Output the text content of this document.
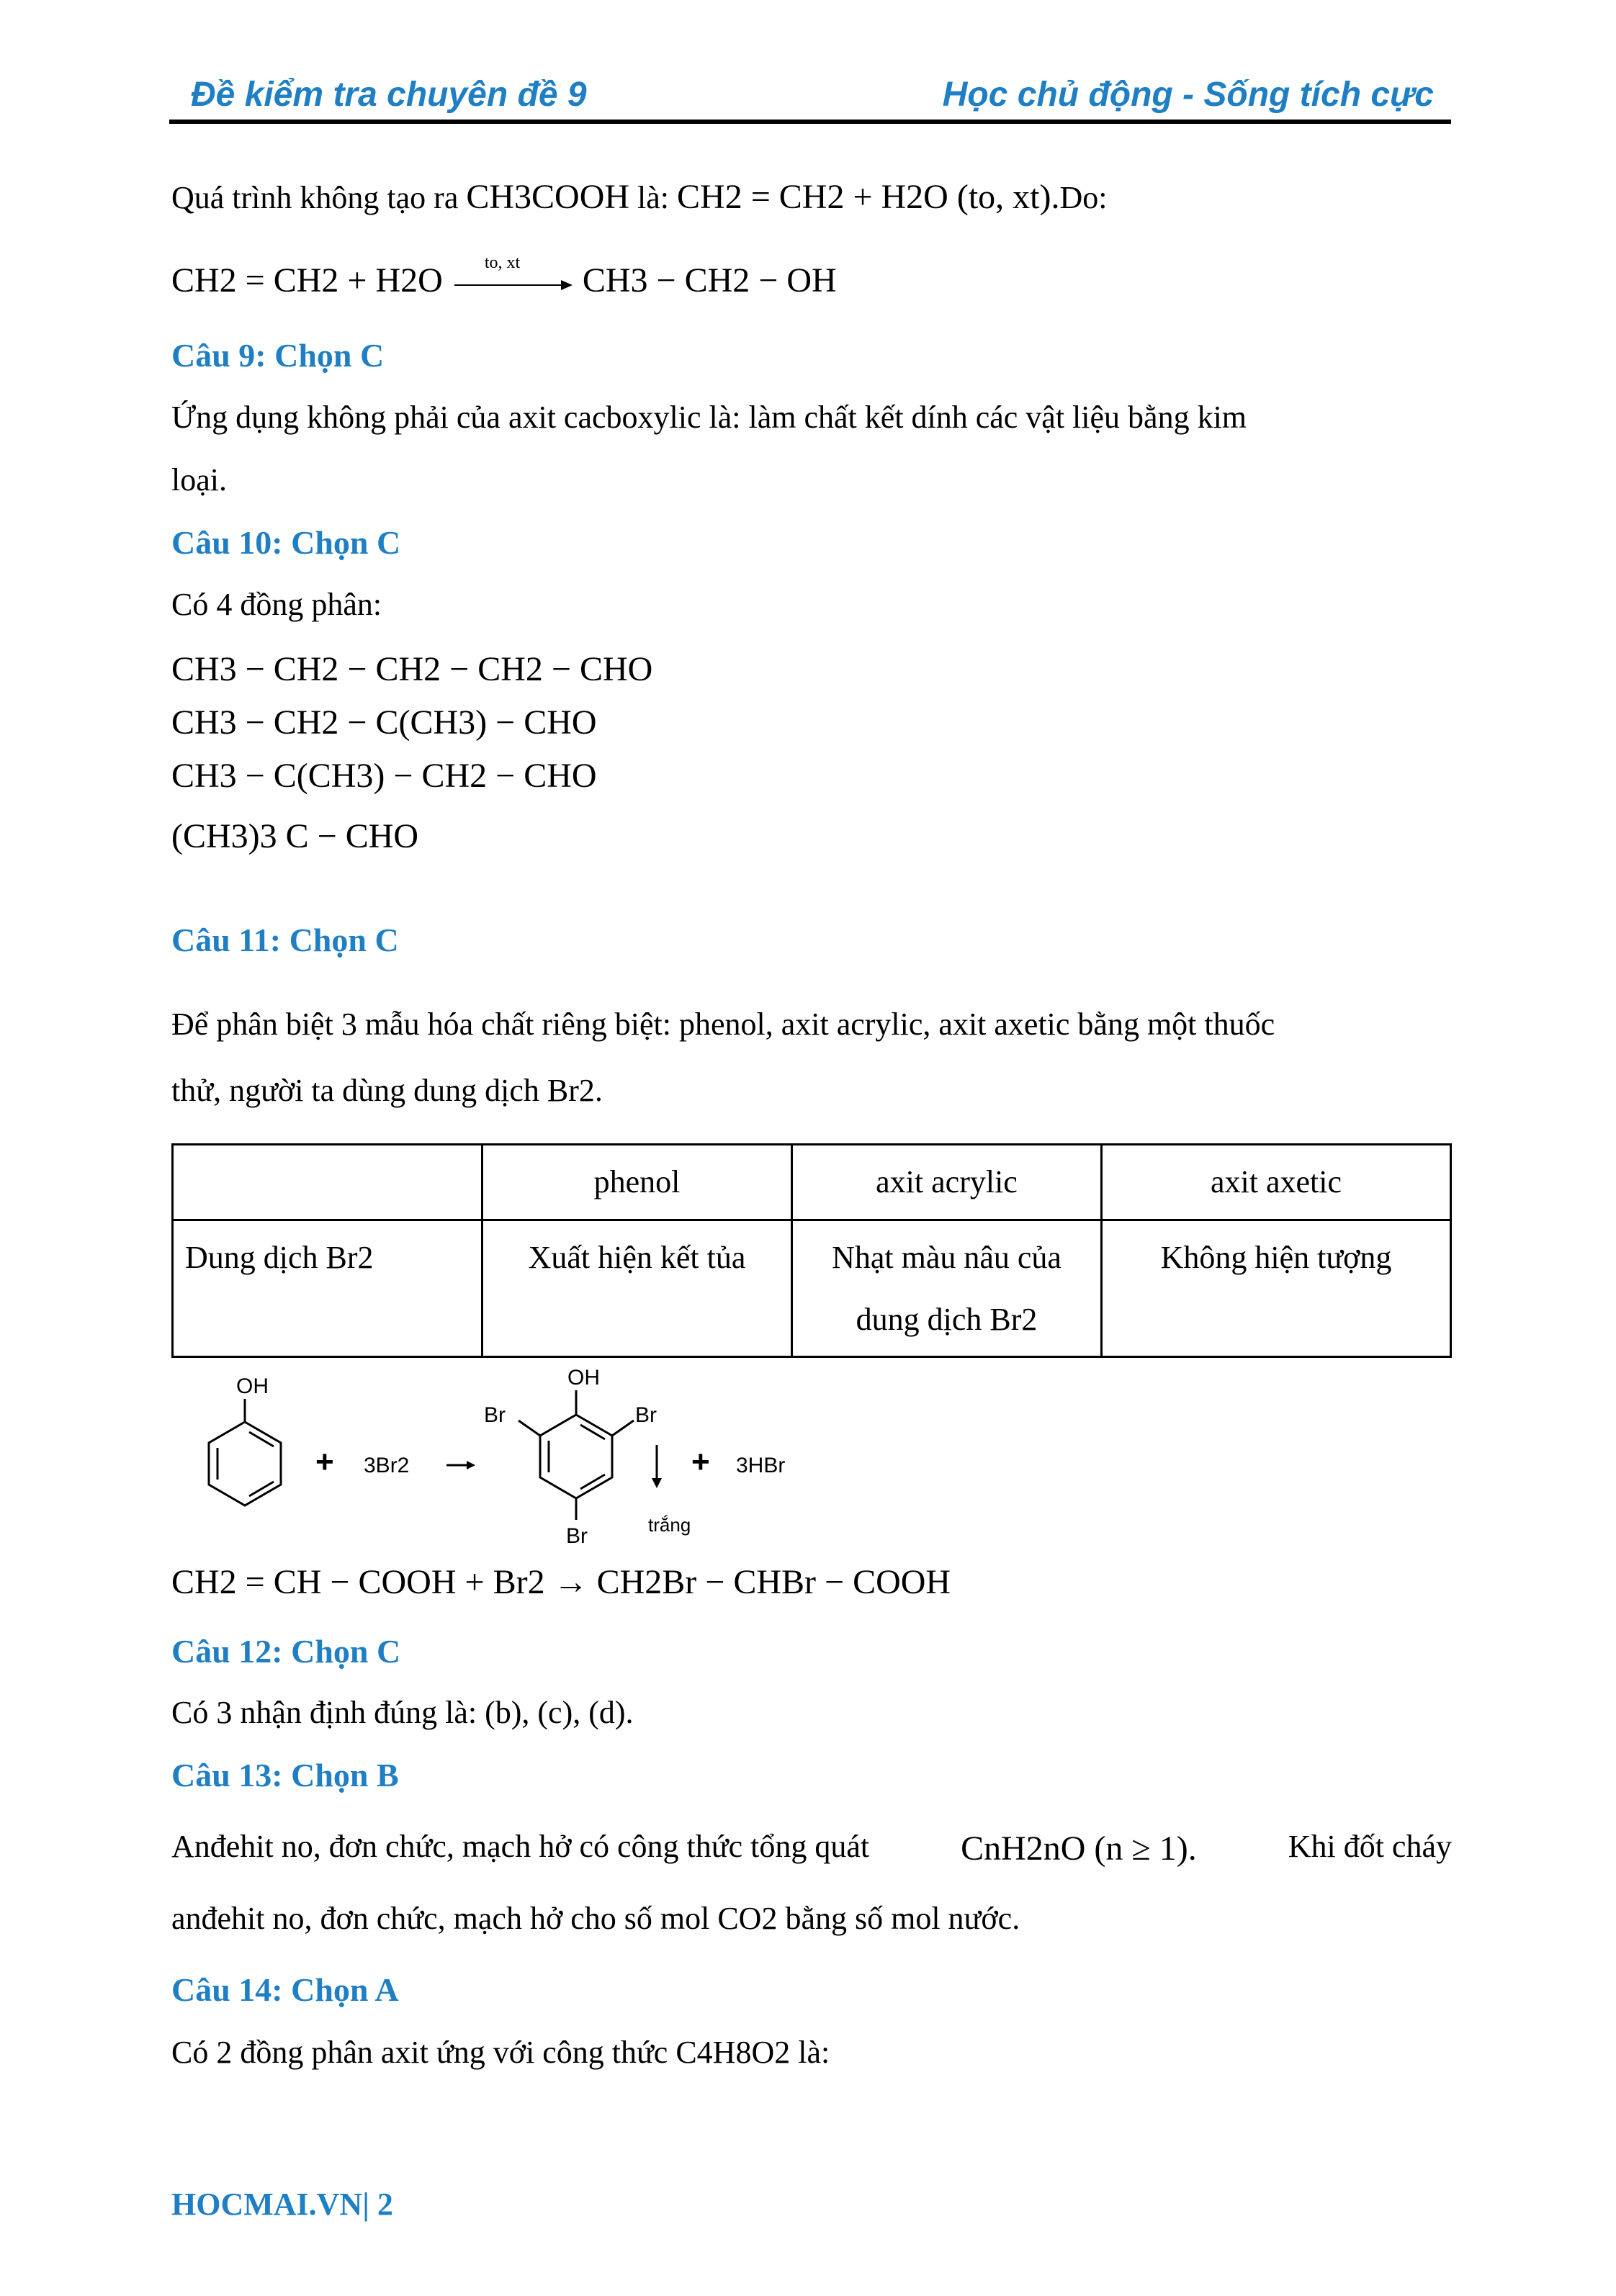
Đề kiểm tra chuyên đề 9	Học chủ động - Sống tích cực
Quá trình không tạo ra CH3COOH là: CH2 = CH2 + H2O (to, xt).Do:
CH2 = CH2 + H2O to, xt CH3 − CH2 − OH
Câu 9: Chọn C
Ứng dụng không phải của axit cacboxylic là: làm chất kết dính các vật liệu bằng kim
loại.
Câu 10: Chọn C
Có 4 đồng phân:
CH3 − CH2 − CH2 − CH2 − CHO
CH3 − CH2 − C(CH3) − CHO
CH3 − C(CH3) − CH2 − CHO
(CH3)3 C − CHO
Câu 11: Chọn C
Để phân biệt 3 mẫu hóa chất riêng biệt: phenol, axit acrylic, axit axetic bằng một thuốc
thử, người ta dùng dung dịch Br2.
	phenol	axit acrylic	axit axetic
Dung dịch Br2	Xuất hiện kết tủa	Nhạt màu nâu của dung dịch Br2	Không hiện tượng
OH
+ 3Br2
OH
Br	Br
Br	trắng
+ 3HBr
CH2 = CH − COOH + Br2 → CH2Br − CHBr − COOH
Câu 12: Chọn C
Có 3 nhận định đúng là: (b), (c), (d).
Câu 13: Chọn B
Anđehit no, đơn chức, mạch hở có công thức tổng quát	CnH2nO (n ≥ 1).	Khi đốt cháy
anđehit no, đơn chức, mạch hở cho số mol CO2 bằng số mol nước.
Câu 14: Chọn A
Có 2 đồng phân axit ứng với công thức C4H8O2 là:
HOCMAI.VN| 2
